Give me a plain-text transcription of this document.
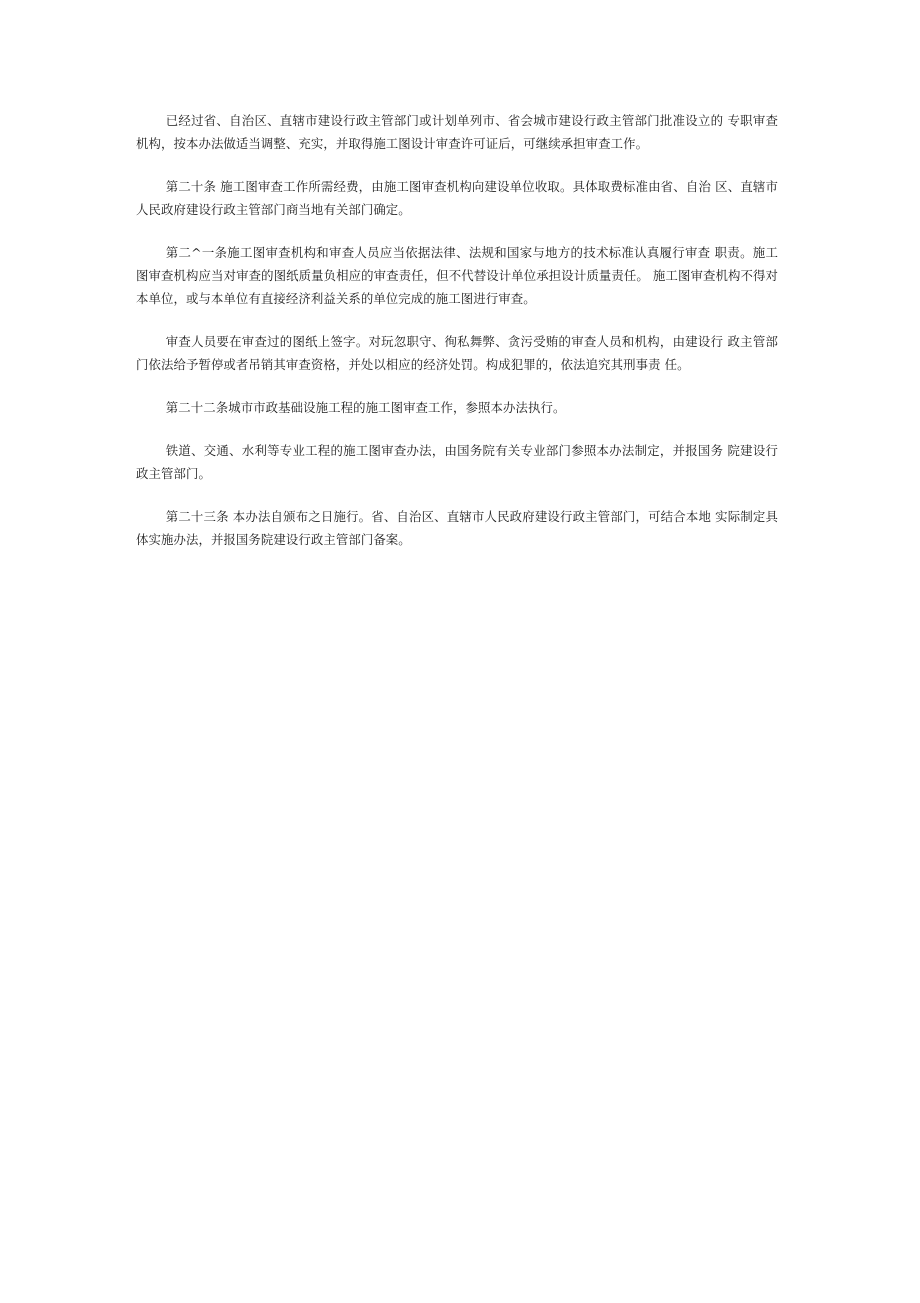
已经过省、自治区、直辖市建设行政主管部门或计划单列市、省会城市建设行政主管部门批准设立的 专职审查机构，按本办法做适当调整、充实，并取得施工图设计审查许可证后，可继续承担审查工作。

第二十条 施工图审查工作所需经费，由施工图审查机构向建设单位收取。具体取费标准由省、自治 区、直辖市人民政府建设行政主管部门商当地有关部门确定。

第二^一条施工图审查机构和审查人员应当依据法律、法规和国家与地方的技术标准认真履行审查 职责。施工图审查机构应当对审查的图纸质量负相应的审查责任，但不代替设计单位承担设计质量责任。 施工图审查机构不得对本单位，或与本单位有直接经济利益关系的单位完成的施工图进行审查。

审查人员要在审查过的图纸上签字。对玩忽职守、徇私舞弊、贪污受贿的审查人员和机构，由建设行 政主管部门依法给予暂停或者吊销其审查资格，并处以相应的经济处罚。构成犯罪的，依法追究其刑事责 任。

第二十二条城市市政基础设施工程的施工图审查工作，参照本办法执行。

铁道、交通、水利等专业工程的施工图审查办法，由国务院有关专业部门参照本办法制定，并报国务 院建设行政主管部门。

第二十三条 本办法自颁布之日施行。省、自治区、直辖市人民政府建设行政主管部门，可结合本地 实际制定具体实施办法，并报国务院建设行政主管部门备案。
